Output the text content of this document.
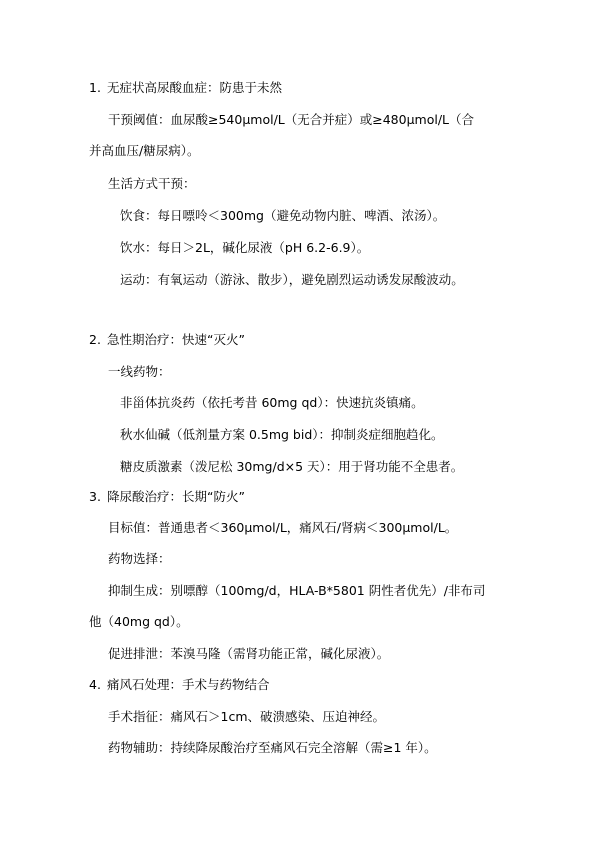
1. 无症状高尿酸血症：防患于未然
干预阈值：血尿酸≥540μmol/L（无合并症）或≥480μmol/L（合
并高血压/糖尿病）。
生活方式干预：
饮食：每日嘌呤＜300mg（避免动物内脏、啤酒、浓汤）。
饮水：每日＞2L，碱化尿液（pH 6.2-6.9）。
运动：有氧运动（游泳、散步），避免剧烈运动诱发尿酸波动。
2. 急性期治疗：快速“灭火”
一线药物：
非甾体抗炎药（依托考昔 60mg qd）：快速抗炎镇痛。
秋水仙碱（低剂量方案 0.5mg bid）：抑制炎症细胞趋化。
糖皮质激素（泼尼松 30mg/d×5 天）：用于肾功能不全患者。
3. 降尿酸治疗：长期“防火”
目标值：普通患者＜360μmol/L，痛风石/肾病＜300μmol/L。
药物选择：
抑制生成：别嘌醇（100mg/d，HLA-B*5801 阴性者优先）/非布司
他（40mg qd）。
促进排泄：苯溴马隆（需肾功能正常，碱化尿液）。
4. 痛风石处理：手术与药物结合
手术指征：痛风石＞1cm、破溃感染、压迫神经。
药物辅助：持续降尿酸治疗至痛风石完全溶解（需≥1 年）。
